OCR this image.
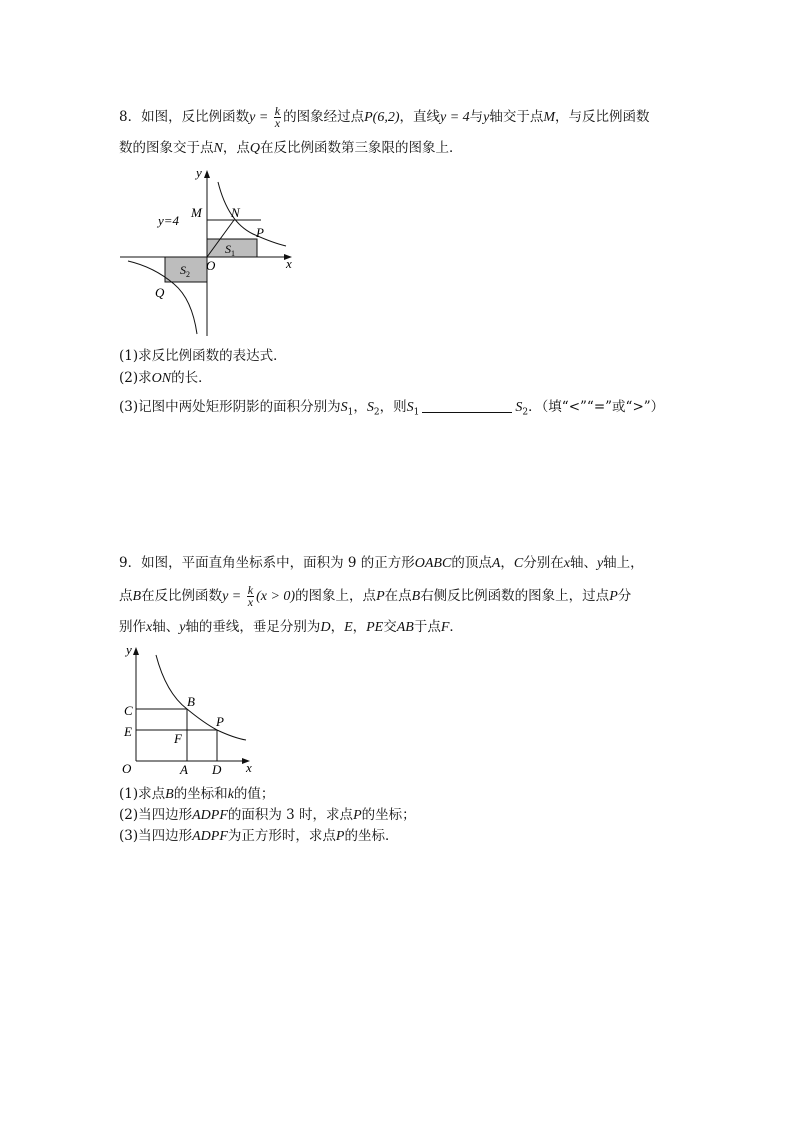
8．如图，反比例函数$y = \frac{k}{x}$ 的图象经过点P(6,2)，直线y = 4与y轴交于点M，与反比例函数
数的图象交于点N，点Q在反比例函数第三象限的图象上．
y
x
y=4
M N
P
O
Q
$S_1$
$S_2$
(1)求反比例函数的表达式．
(2)求ON的长．
(3)记图中两处矩形阴影的面积分别为$S_1$，$S_2$，则$S_1$	$S_2$．（填“<”“=”或“>”）
9．如图，平面直角坐标系中，面积为 9 的正方形OABC的顶点A，C分别在x轴、y轴上，
点B在反比例函数$y = \frac{k}{x} (x > 0)$的图象上，点P在点B右侧反比例函数的图象上，过点P分
别作x轴、y轴的垂线，垂足分别为D，E，PE交AB于点F．
y
x
C
E
O	A D
B
P
F
(1)求点B的坐标和k的值；
(2)当四边形ADPF的面积为 3 时，求点P的坐标；
(3)当四边形ADPF为正方形时，求点P的坐标．
